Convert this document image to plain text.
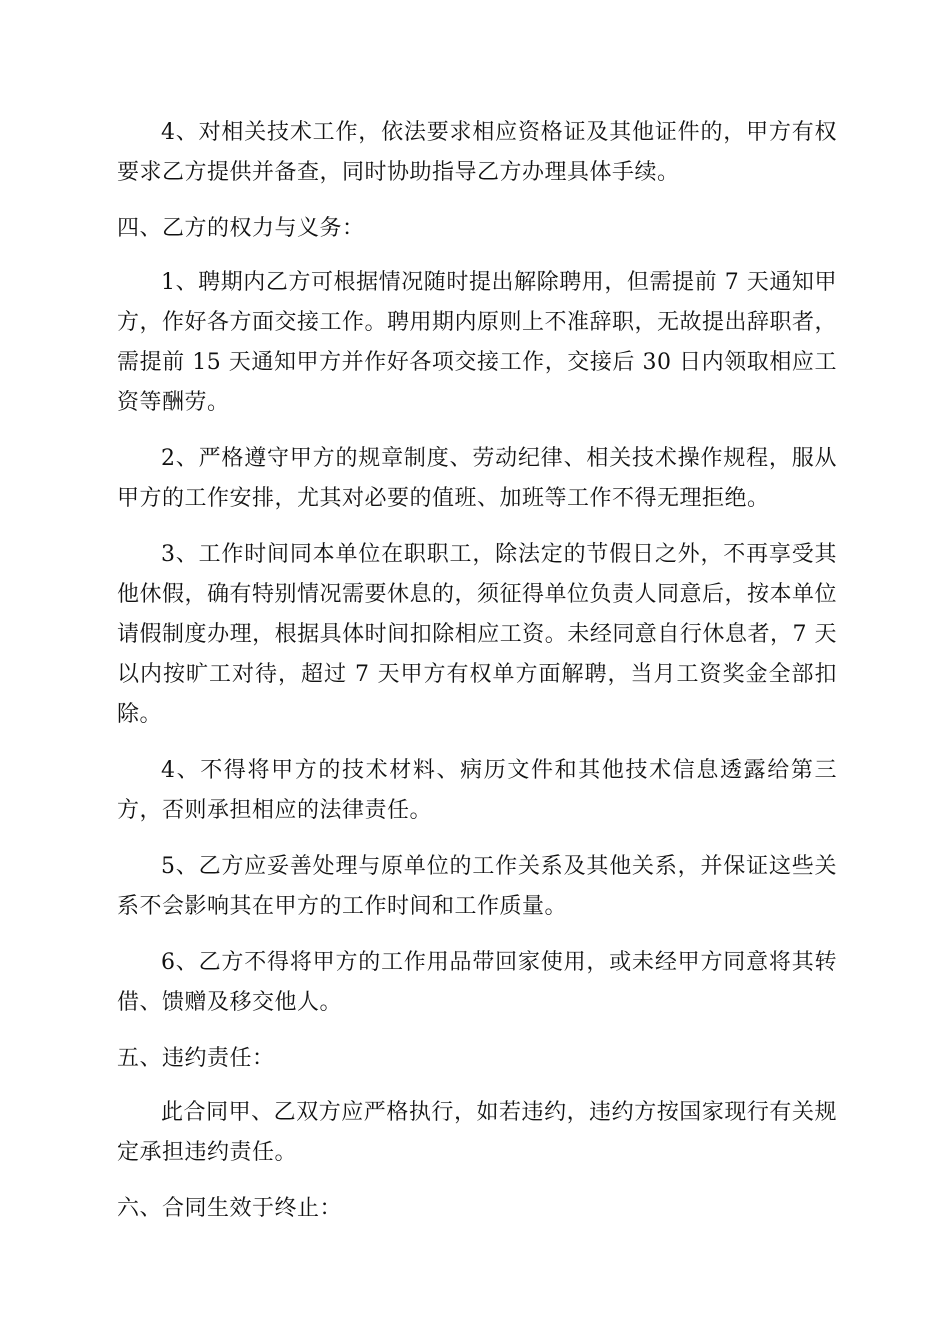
4、对相关技术工作，依法要求相应资格证及其他证件的，甲方有权要求乙方提供并备查，同时协助指导乙方办理具体手续。

四、乙方的权力与义务：

1、聘期内乙方可根据情况随时提出解除聘用，但需提前 7 天通知甲方，作好各方面交接工作。聘用期内原则上不准辞职，无故提出辞职者，需提前 15 天通知甲方并作好各项交接工作，交接后 30 日内领取相应工资等酬劳。

2、严格遵守甲方的规章制度、劳动纪律、相关技术操作规程，服从甲方的工作安排，尤其对必要的值班、加班等工作不得无理拒绝。

3、工作时间同本单位在职职工，除法定的节假日之外，不再享受其他休假，确有特别情况需要休息的，须征得单位负责人同意后，按本单位请假制度办理，根据具体时间扣除相应工资。未经同意自行休息者，7 天以内按旷工对待，超过 7 天甲方有权单方面解聘，当月工资奖金全部扣除。

4、不得将甲方的技术材料、病历文件和其他技术信息透露给第三方，否则承担相应的法律责任。

5、乙方应妥善处理与原单位的工作关系及其他关系，并保证这些关系不会影响其在甲方的工作时间和工作质量。

6、乙方不得将甲方的工作用品带回家使用，或未经甲方同意将其转借、馈赠及移交他人。

五、违约责任：

此合同甲、乙双方应严格执行，如若违约，违约方按国家现行有关规定承担违约责任。

六、合同生效于终止：
